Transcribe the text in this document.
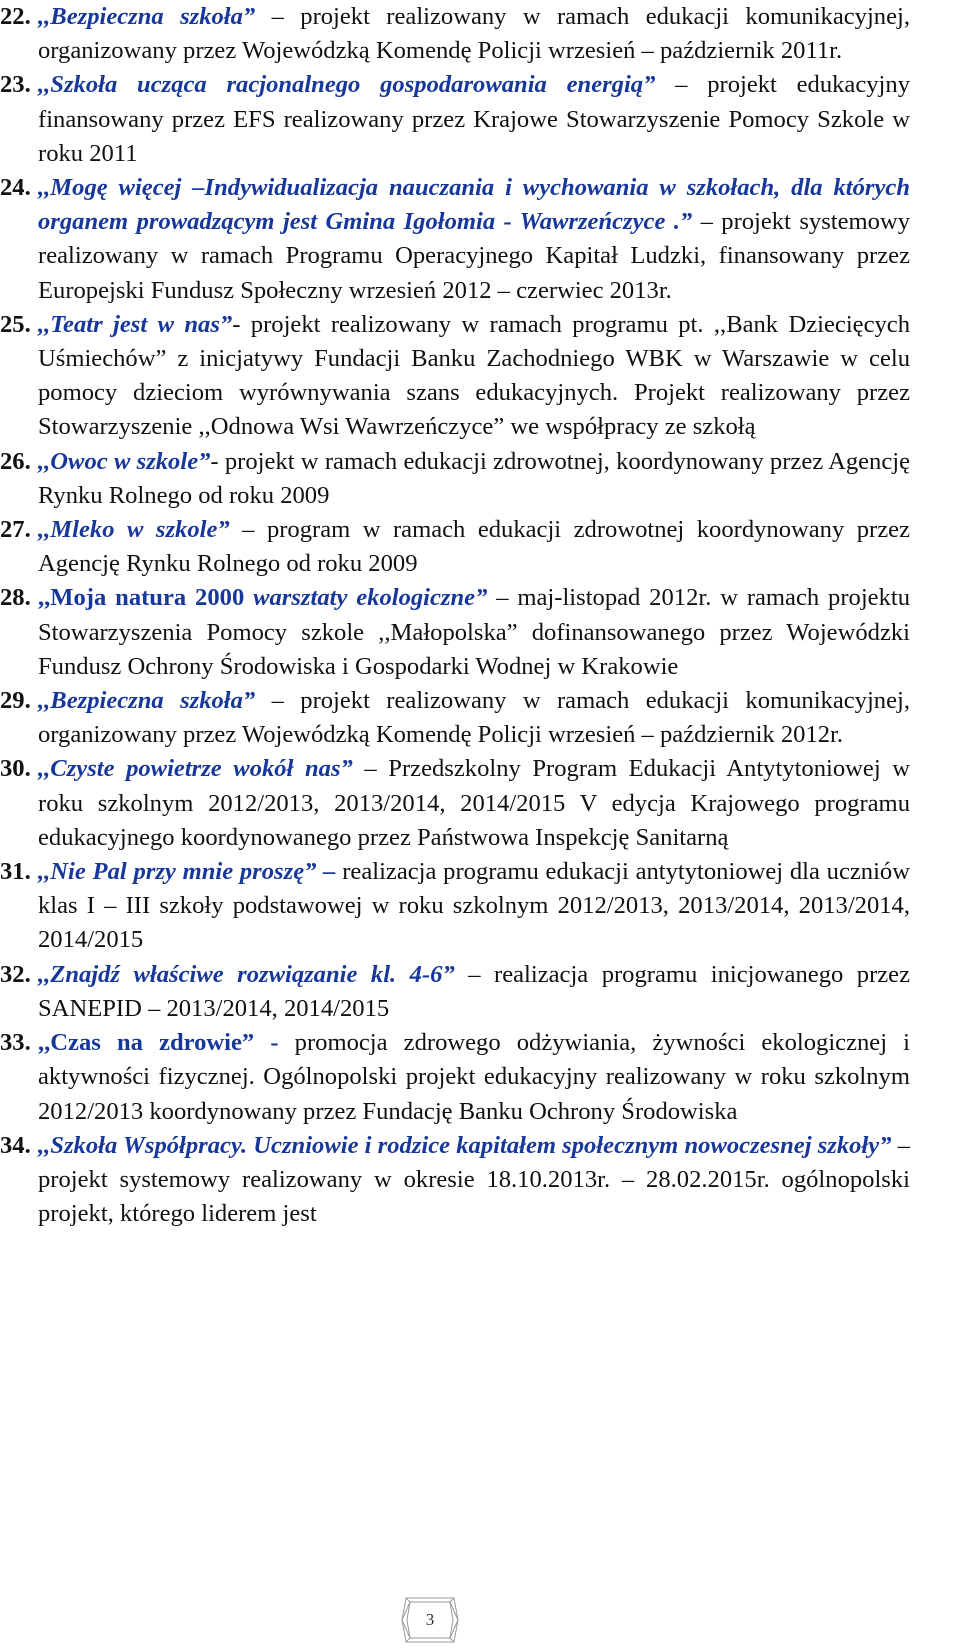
22. ,,Bezpieczna szkoła” – projekt realizowany w ramach edukacji komunikacyjnej, organizowany przez Wojewódzką Komendę Policji wrzesień – październik 2011r.

23. ,,Szkoła ucząca racjonalnego gospodarowania energią” – projekt edukacyjny finansowany przez EFS realizowany przez Krajowe Stowarzyszenie Pomocy Szkole w roku 2011

24. ,,Mogę więcej –Indywidualizacja nauczania i wychowania w szkołach, dla których organem prowadzącym jest Gmina Igołomia - Wawrzeńczyce .” – projekt systemowy realizowany w ramach Programu Operacyjnego Kapitał Ludzki, finansowany przez Europejski Fundusz Społeczny wrzesień 2012 – czerwiec 2013r.

25. ,,Teatr jest w nas”- projekt realizowany w ramach programu pt. ,,Bank Dziecięcych Uśmiechów” z inicjatywy Fundacji Banku Zachodniego WBK w Warszawie w celu pomocy dzieciom wyrównywania szans edukacyjnych. Projekt realizowany przez Stowarzyszenie ,,Odnowa Wsi Wawrzeńczyce” we współpracy ze szkołą

26. ,,Owoc w szkole”- projekt w ramach edukacji zdrowotnej, koordynowany przez Agencję Rynku Rolnego od roku 2009

27. ,,Mleko w szkole” – program w ramach edukacji zdrowotnej koordynowany przez Agencję Rynku Rolnego od roku 2009

28. ,,Moja natura 2000 warsztaty ekologiczne” – maj-listopad 2012r. w ramach projektu Stowarzyszenia Pomocy szkole ,,Małopolska” dofinansowanego przez Wojewódzki Fundusz Ochrony Środowiska i Gospodarki Wodnej w Krakowie

29. ,,Bezpieczna szkoła” – projekt realizowany w ramach edukacji komunikacyjnej, organizowany przez Wojewódzką Komendę Policji wrzesień – październik 2012r.

30. ,,Czyste powietrze wokół nas” – Przedszkolny Program Edukacji Antytytoniowej w roku szkolnym 2012/2013, 2013/2014, 2014/2015 V edycja Krajowego programu edukacyjnego koordynowanego przez Państwowa Inspekcję Sanitarną

31. ,,Nie Pal przy mnie proszę” – realizacja programu edukacji antytytoniowej dla uczniów klas I – III szkoły podstawowej w roku szkolnym 2012/2013, 2013/2014, 2013/2014, 2014/2015

32. ,,Znajdź właściwe rozwiązanie kl. 4-6” – realizacja programu inicjowanego przez SANEPID – 2013/2014, 2014/2015

33. ,,Czas na zdrowie” - promocja zdrowego odżywiania, żywności ekologicznej i aktywności fizycznej. Ogólnopolski projekt edukacyjny realizowany w roku szkolnym 2012/2013 koordynowany przez Fundację Banku Ochrony Środowiska

34. ,,Szkoła Współpracy. Uczniowie i rodzice kapitałem społecznym nowoczesnej szkoły” – projekt systemowy realizowany w okresie 18.10.2013r. – 28.02.2015r. ogólnopolski projekt, którego liderem jest

3
